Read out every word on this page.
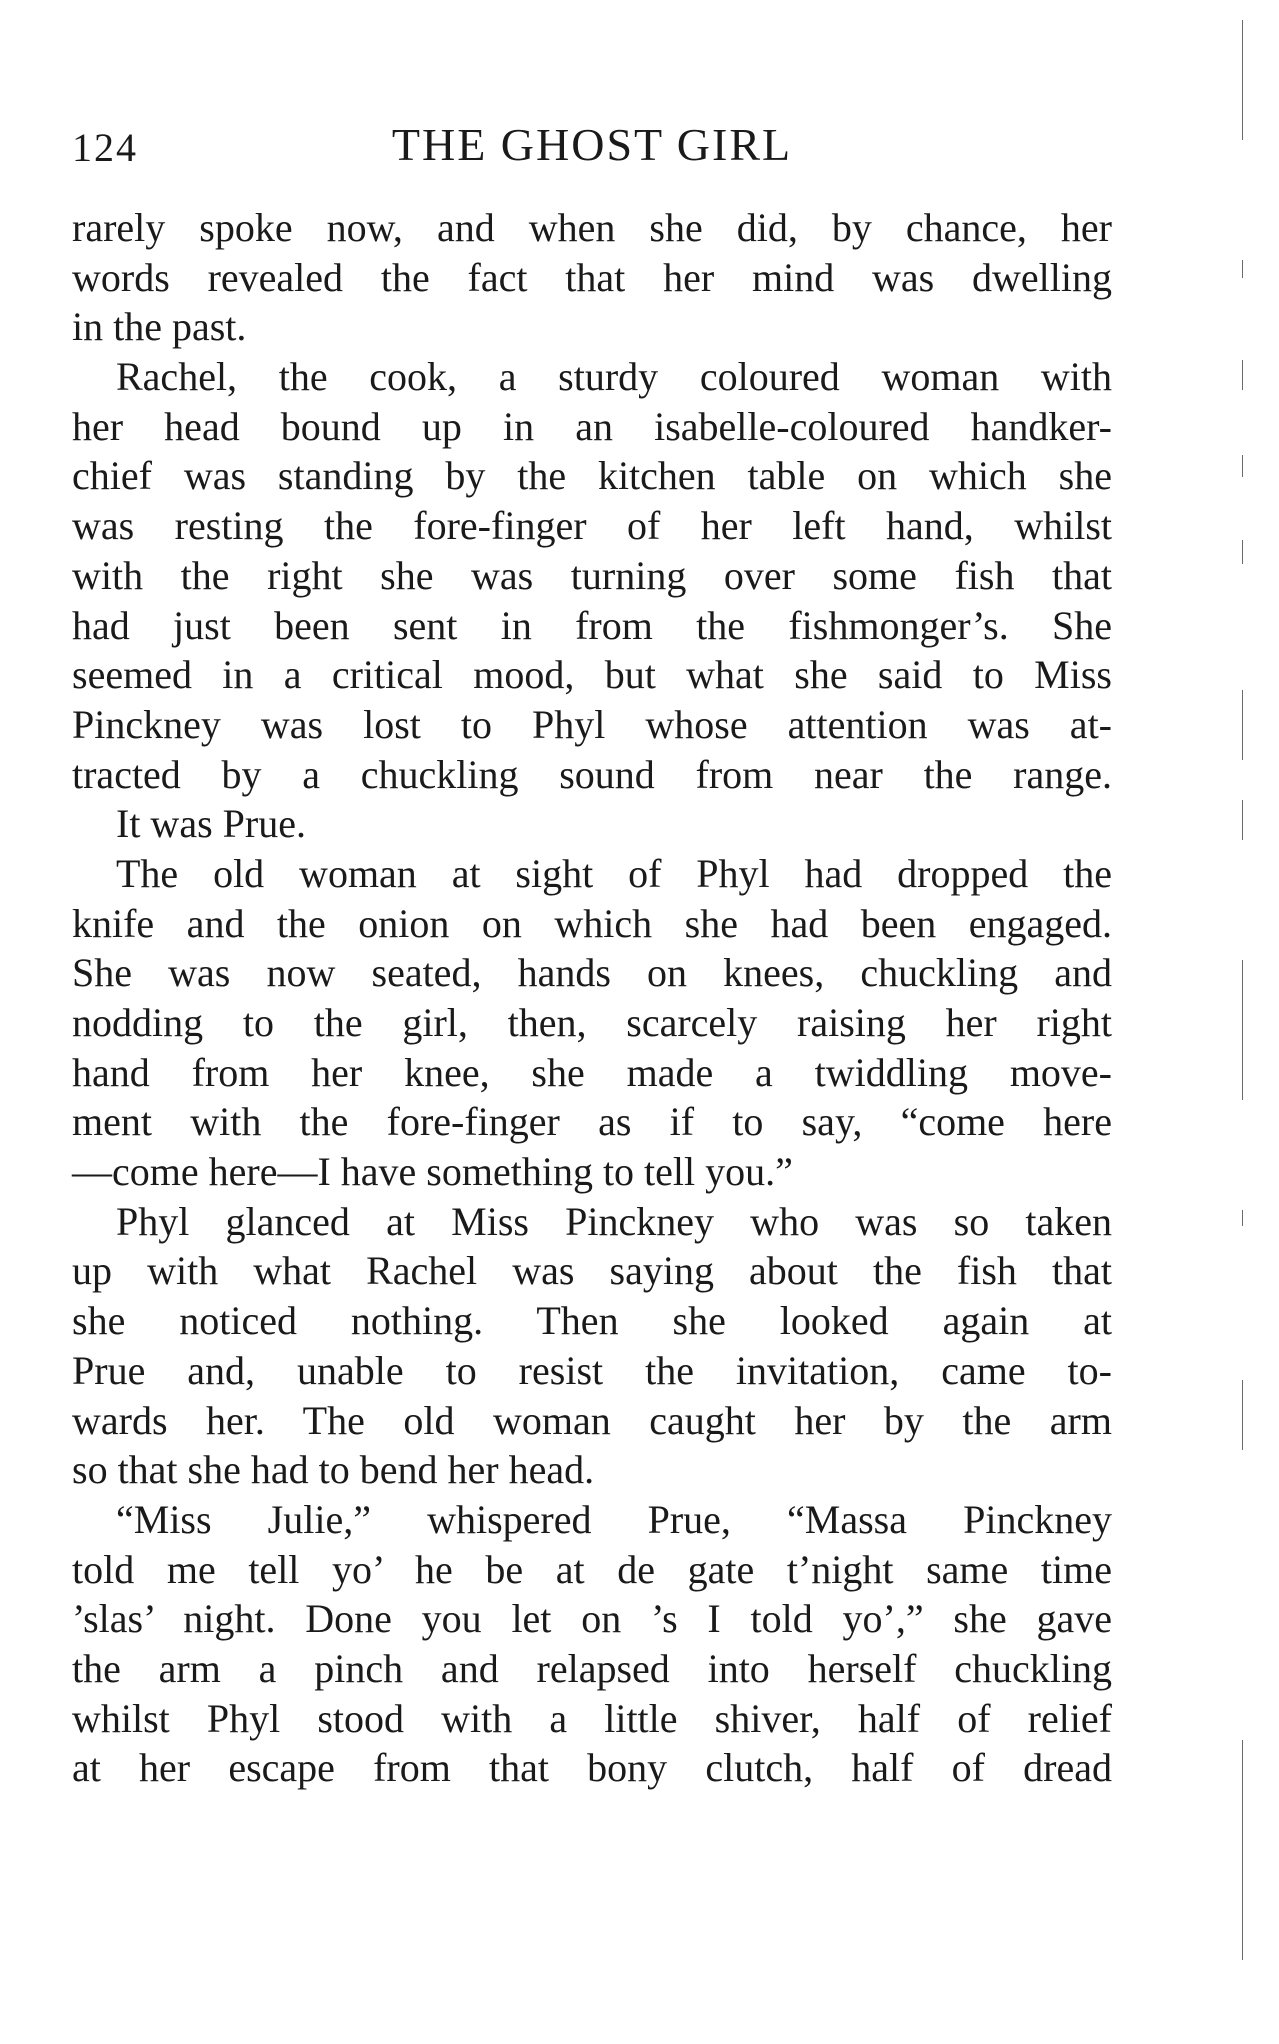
124	THE GHOST GIRL
rarely spoke now, and when she did, by chance, her
words revealed the fact that her mind was dwelling
in the past.
Rachel, the cook, a sturdy coloured woman with
her head bound up in an isabelle-coloured handker-
chief was standing by the kitchen table on which she
was resting the fore-finger of her left hand, whilst
with the right she was turning over some fish that
had just been sent in from the fishmonger’s. She
seemed in a critical mood, but what she said to Miss
Pinckney was lost to Phyl whose attention was at-
tracted by a chuckling sound from near the range.
It was Prue.
The old woman at sight of Phyl had dropped the
knife and the onion on which she had been engaged.
She was now seated, hands on knees, chuckling and
nodding to the girl, then, scarcely raising her right
hand from her knee, she made a twiddling move-
ment with the fore-finger as if to say, “come here
—come here—I have something to tell you.”
Phyl glanced at Miss Pinckney who was so taken
up with what Rachel was saying about the fish that
she noticed nothing. Then she looked again at
Prue and, unable to resist the invitation, came to-
wards her. The old woman caught her by the arm
so that she had to bend her head.
“Miss Julie,” whispered Prue, “Massa Pinckney
told me tell yo’ he be at de gate t’night same time
’slas’ night. Done you let on ’s I told yo’,” she gave
the arm a pinch and relapsed into herself chuckling
whilst Phyl stood with a little shiver, half of relief
at her escape from that bony clutch, half of dread
